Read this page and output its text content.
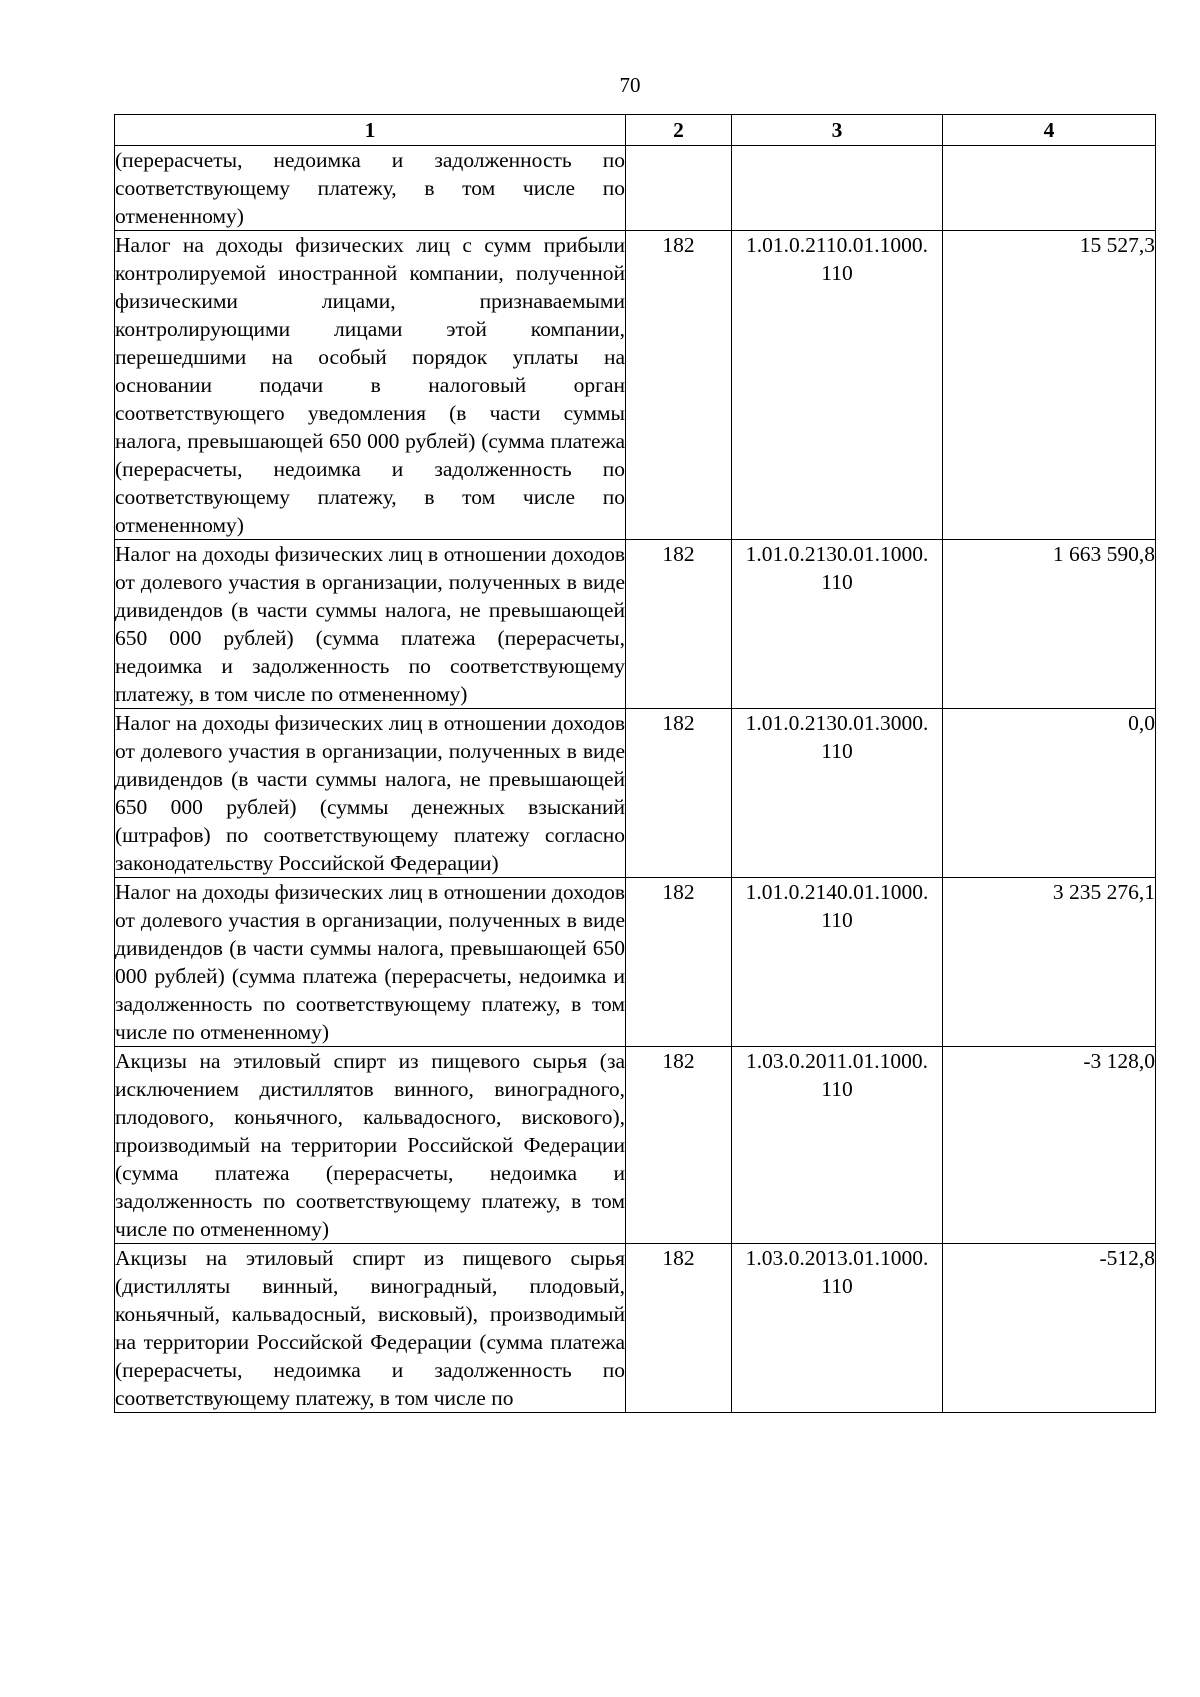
70
1	2	3	4

(перерасчеты, недоимка и задолженность по соответствующему платежу, в том числе по отмененному)			

Налог на доходы физических лиц с сумм прибыли контролируемой иностранной компании, полученной физическими лицами, признаваемыми контролирующими лицами этой компании, перешедшими на особый порядок уплаты на основании подачи в налоговый орган соответствующего уведомления (в части суммы налога, превышающей 650 000 рублей) (сумма платежа (перерасчеты, недоимка и задолженность по соответствующему платежу, в том числе по отмененному)	182	1.01.0.2110.01.1000. 110	15 527,3

Налог на доходы физических лиц в отношении доходов от долевого участия в организации, полученных в виде дивидендов (в части суммы налога, не превышающей 650 000 рублей) (сумма платежа (перерасчеты, недоимка и задолженность по соответствующему платежу, в том числе по отмененному)	182	1.01.0.2130.01.1000. 110	1 663 590,8

Налог на доходы физических лиц в отношении доходов от долевого участия в организации, полученных в виде дивидендов (в части суммы налога, не превышающей 650 000 рублей) (суммы денежных взысканий (штрафов) по соответствующему платежу согласно законодательству Российской Федерации)	182	1.01.0.2130.01.3000. 110	0,0

Налог на доходы физических лиц в отношении доходов от долевого участия в организации, полученных в виде дивидендов (в части суммы налога, превышающей 650 000 рублей) (сумма платежа (перерасчеты, недоимка и задолженность по соответствующему платежу, в том числе по отмененному)	182	1.01.0.2140.01.1000. 110	3 235 276,1

Акцизы на этиловый спирт из пищевого сырья (за исключением дистиллятов винного, виноградного, плодового, коньячного, кальвадосного, вискового), производимый на территории Российской Федерации (сумма платежа (перерасчеты, недоимка и задолженность по соответствующему платежу, в том числе по отмененному)	182	1.03.0.2011.01.1000. 110	-3 128,0

Акцизы на этиловый спирт из пищевого сырья (дистилляты винный, виноградный, плодовый, коньячный, кальвадосный, висковый), производимый на территории Российской Федерации (сумма платежа (перерасчеты, недоимка и задолженность по соответствующему платежу, в том числе по	182	1.03.0.2013.01.1000. 110	-512,8
